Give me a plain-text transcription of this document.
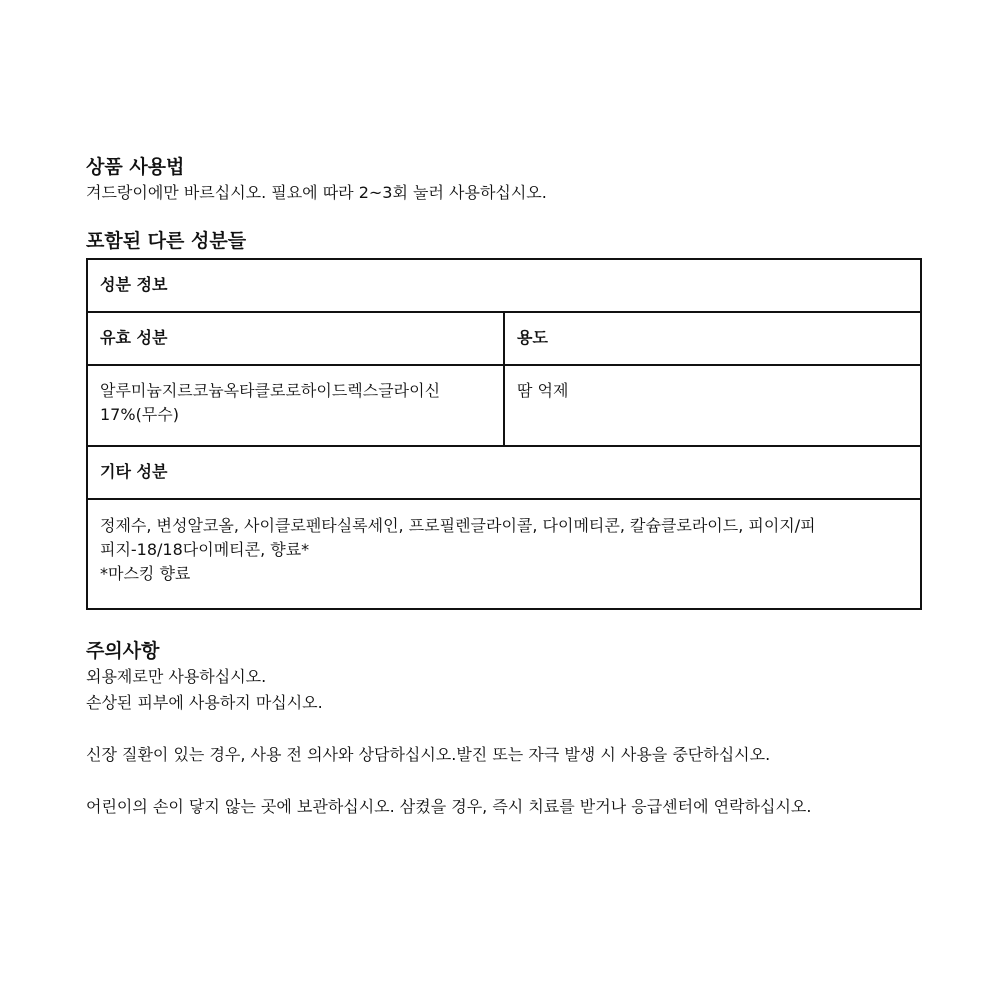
상품 사용법

겨드랑이에만 바르십시오. 필요에 따라 2~3회 눌러 사용하십시오.

포함된 다른 성분들
성분 정보
유효 성분	용도
알루미늄지르코늄옥타클로로하이드렉스글라이신
17%(무수)
땀 억제
기타 성분
정제수, 변성알코올, 사이클로펜타실록세인, 프로필렌글라이콜, 다이메티콘, 칼슘클로라이드, 피이지/피
피지-18/18다이메티콘, 향료*
*마스킹 향료
주의사항

외용제로만 사용하십시오.

손상된 피부에 사용하지 마십시오.

신장 질환이 있는 경우, 사용 전 의사와 상담하십시오.발진 또는 자극 발생 시 사용을 중단하십시오.

어린이의 손이 닿지 않는 곳에 보관하십시오. 삼켰을 경우, 즉시 치료를 받거나 응급센터에 연락하십시오.
